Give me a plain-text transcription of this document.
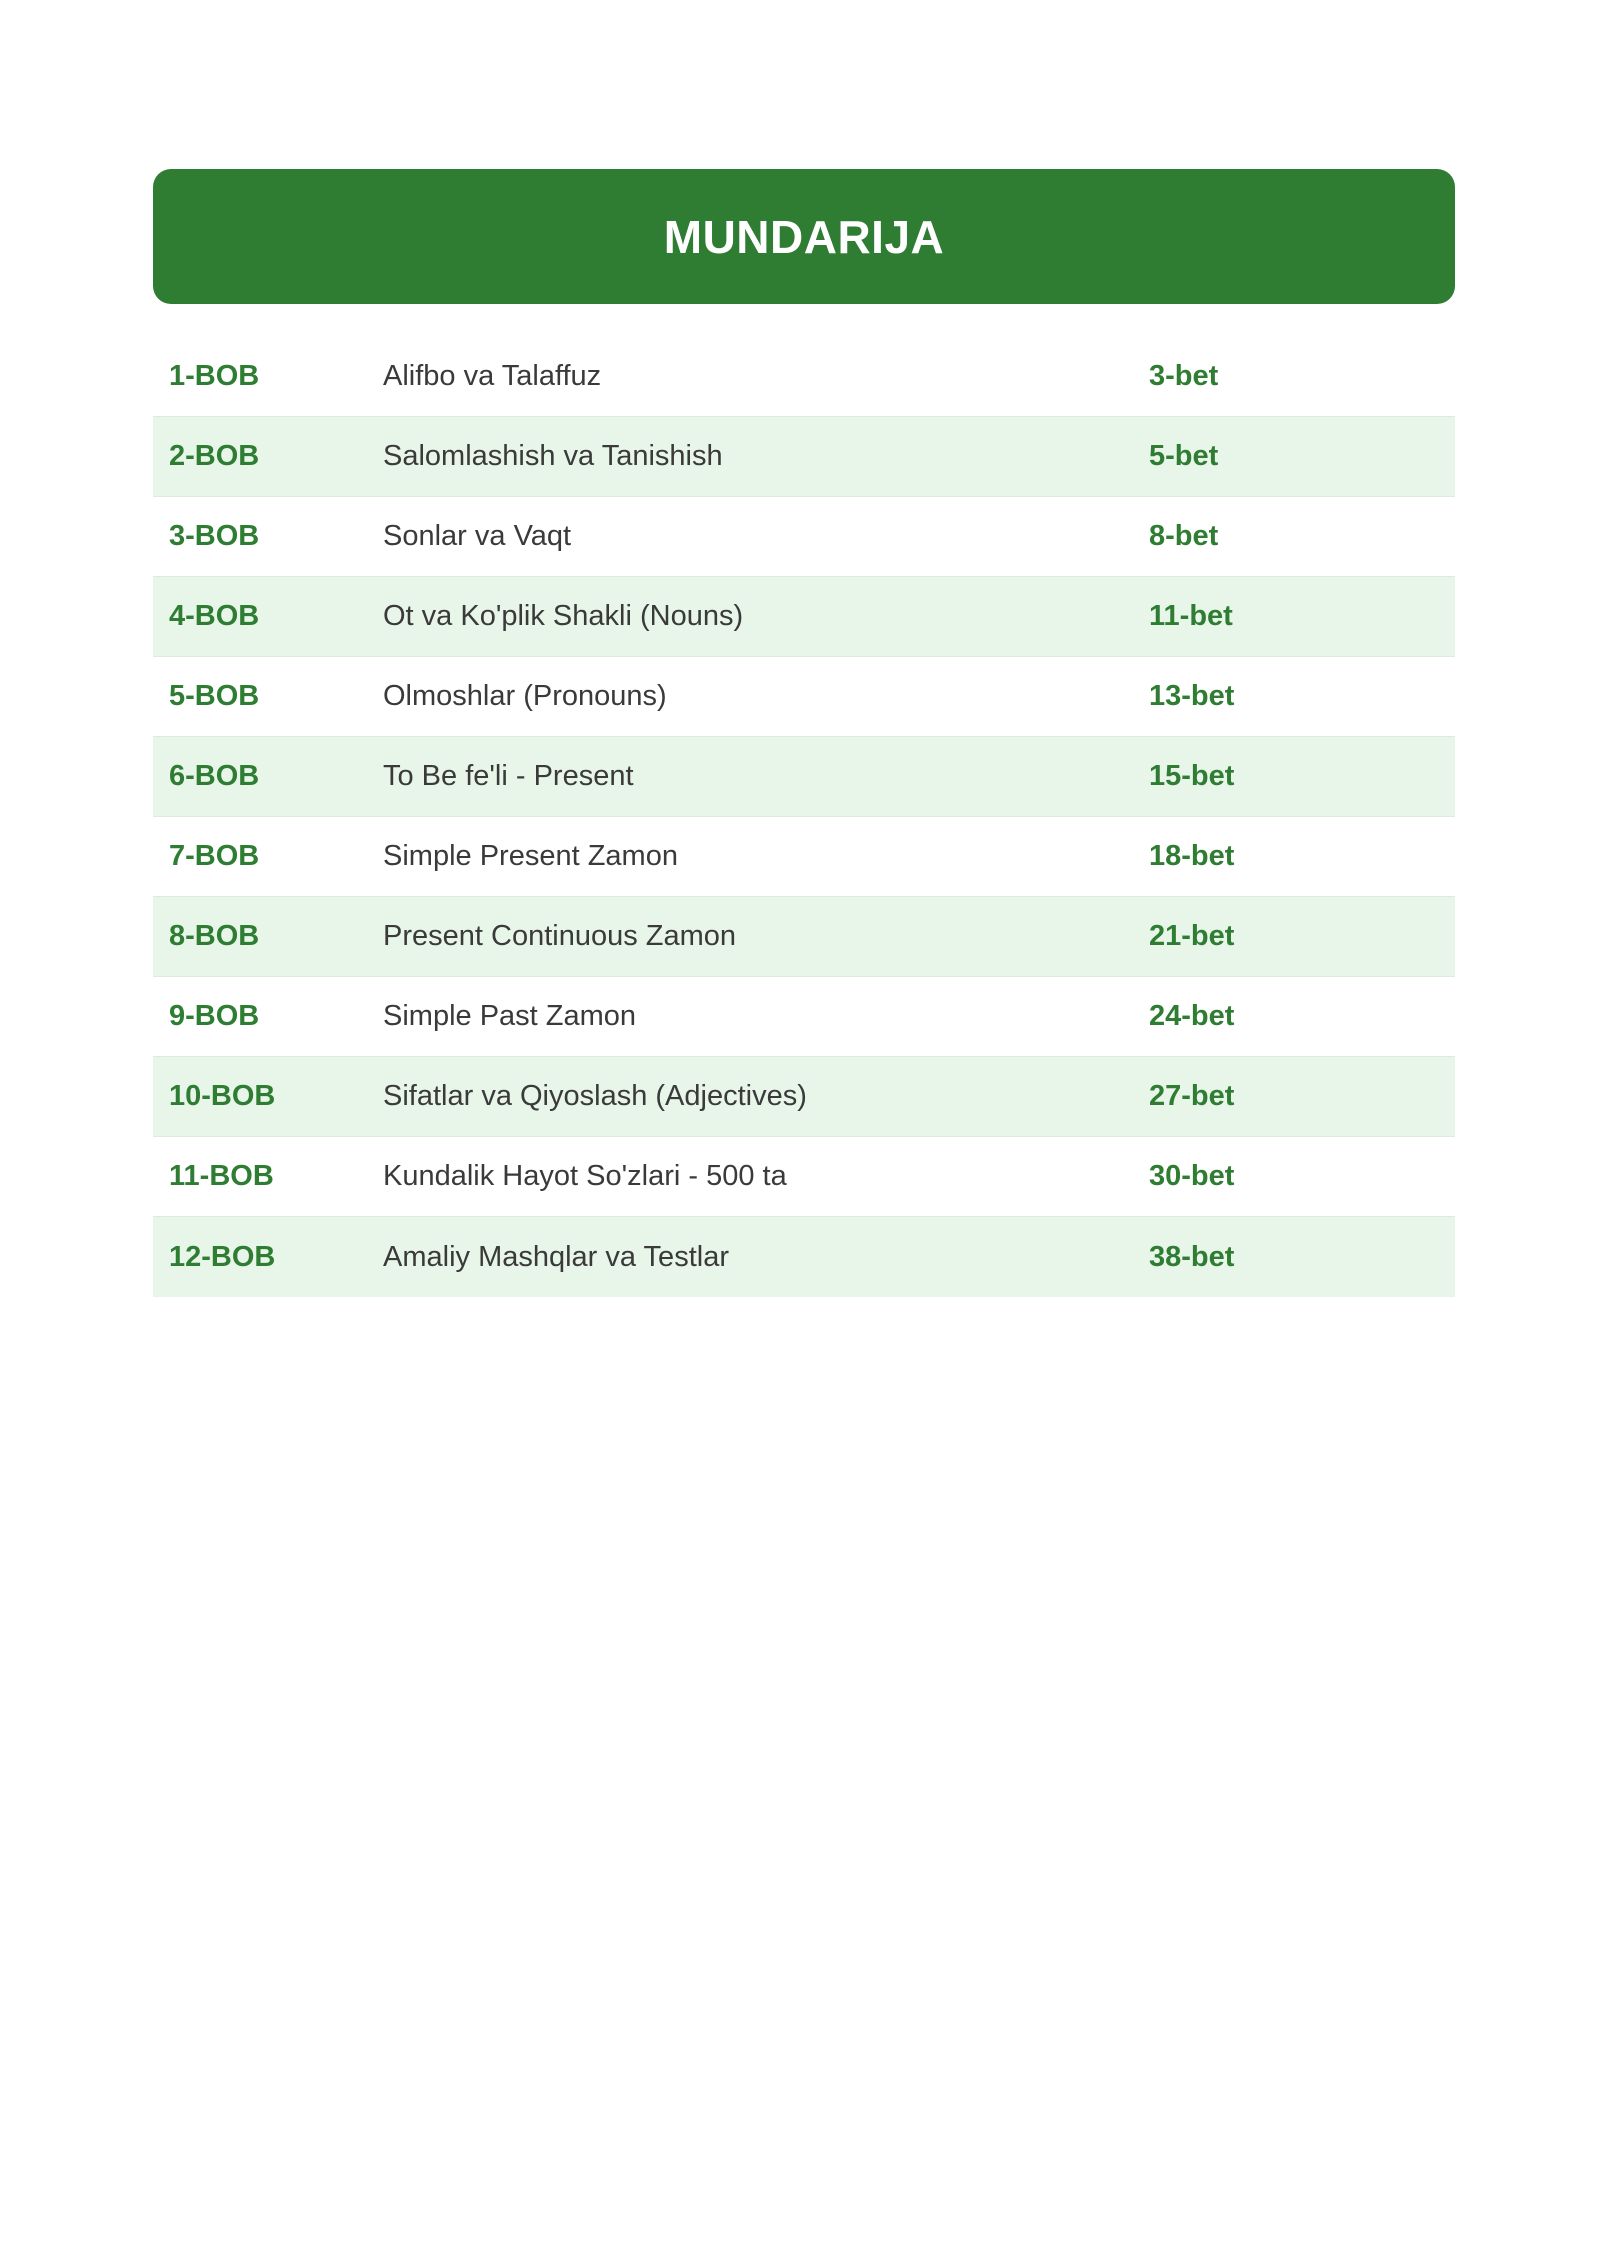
MUNDARIJA
1-BOB	Alifbo va Talaffuz	3-bet
2-BOB	Salomlashish va Tanishish	5-bet
3-BOB	Sonlar va Vaqt	8-bet
4-BOB	Ot va Ko'plik Shakli (Nouns)	11-bet
5-BOB	Olmoshlar (Pronouns)	13-bet
6-BOB	To Be fe'li - Present	15-bet
7-BOB	Simple Present Zamon	18-bet
8-BOB	Present Continuous Zamon	21-bet
9-BOB	Simple Past Zamon	24-bet
10-BOB	Sifatlar va Qiyoslash (Adjectives)	27-bet
11-BOB	Kundalik Hayot So'zlari - 500 ta	30-bet
12-BOB	Amaliy Mashqlar va Testlar	38-bet
